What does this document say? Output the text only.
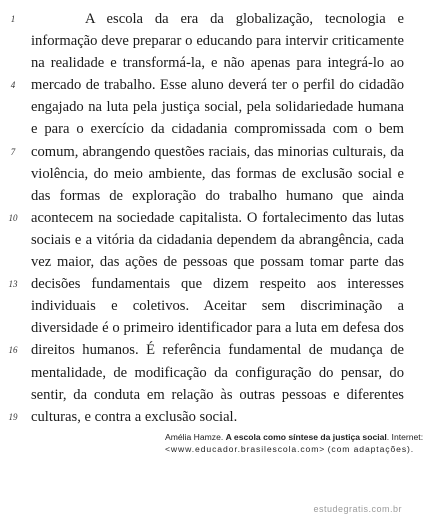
1	A escola da era da globalização, tecnologia e
informação deve preparar o educando para intervir criticamente
na realidade e transformá-la, e não apenas para integrá-lo ao
4	mercado de trabalho. Esse aluno deverá ter o perfil do cidadão
engajado na luta pela justiça social, pela solidariedade humana
e para o exercício da cidadania compromissada com o bem
7	comum, abrangendo questões raciais, das minorias culturais, da
violência, do meio ambiente, das formas de exclusão social e
das formas de exploração do trabalho humano que ainda
10 acontecem na sociedade capitalista. O fortalecimento das lutas
sociais e a vitória da cidadania dependem da abrangência, cada
vez maior, das ações de pessoas que possam tomar parte das
13 decisões fundamentais que dizem respeito aos interesses
individuais e coletivos. Aceitar sem discriminação a
diversidade é o primeiro identificador para a luta em defesa dos
16 direitos humanos. É referência fundamental de mudança de
mentalidade, de modificação da configuração do pensar, do
sentir, da conduta em relação às outras pessoas e diferentes
19 culturas, e contra a exclusão social.
Amélia Hamze. A escola como síntese da justiça social. Internet:
<www.educador.brasilescola.com> (com adaptações).
estudegratis.com.br
